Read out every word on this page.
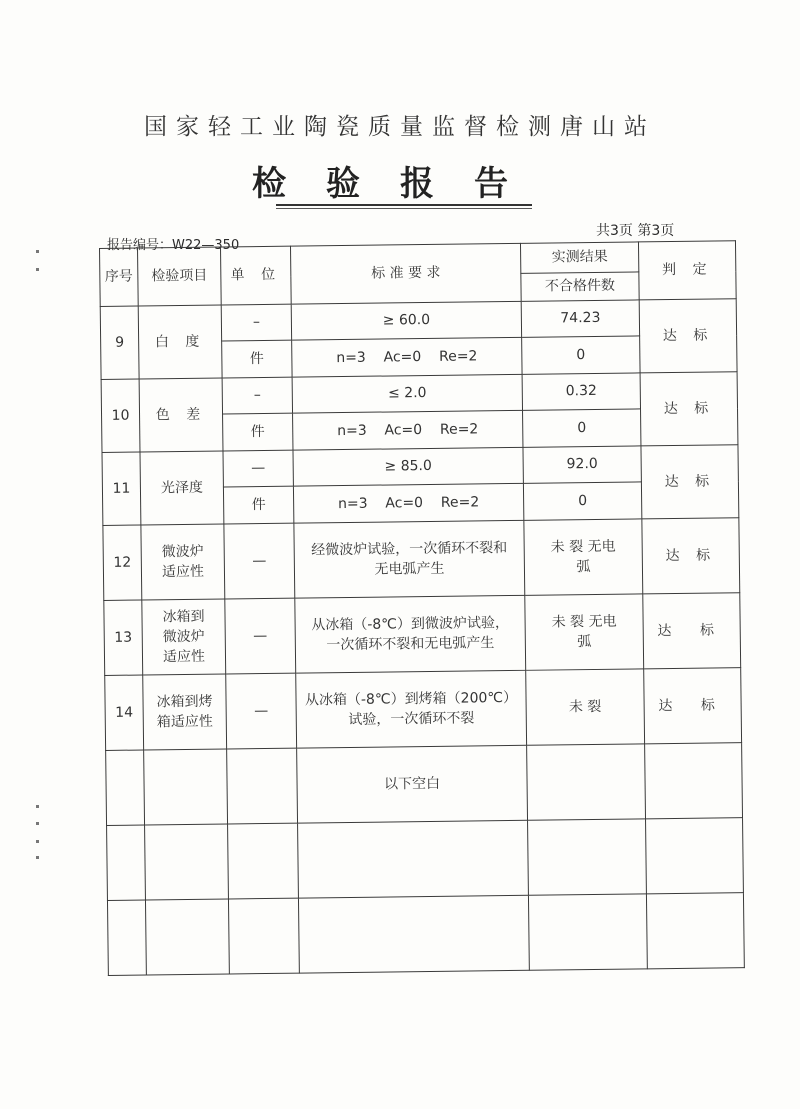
国家轻工业陶瓷质量监督检测唐山站
检验报告
报告编号：W22—350
共3页 第3页
序号	检验项目	单 位	标 准 要 求	实测结果	判 定
				不合格件数	
9	白 度	–	≥ 60.0	74.23	达 标
		件	n=3    Ac=0    Re=2	0	
10	色 差	–	≤ 2.0	0.32	达 标
		件	n=3    Ac=0    Re=2	0	
11	光泽度	—	≥ 85.0	92.0	达 标
		件	n=3    Ac=0    Re=2	0	
12	微波炉适应性	—	经微波炉试验，一次循环不裂和无电弧产生	未 裂 无电弧	达 标
13	冰箱到微波炉适应性	—	从冰箱（-8℃）到微波炉试验，一次循环不裂和无电弧产生	未 裂 无电弧	达 标
14	冰箱到烤箱适应性	—	从冰箱（-8℃）到烤箱（200℃）试验，一次循环不裂	未 裂	达 标
			以下空白		
